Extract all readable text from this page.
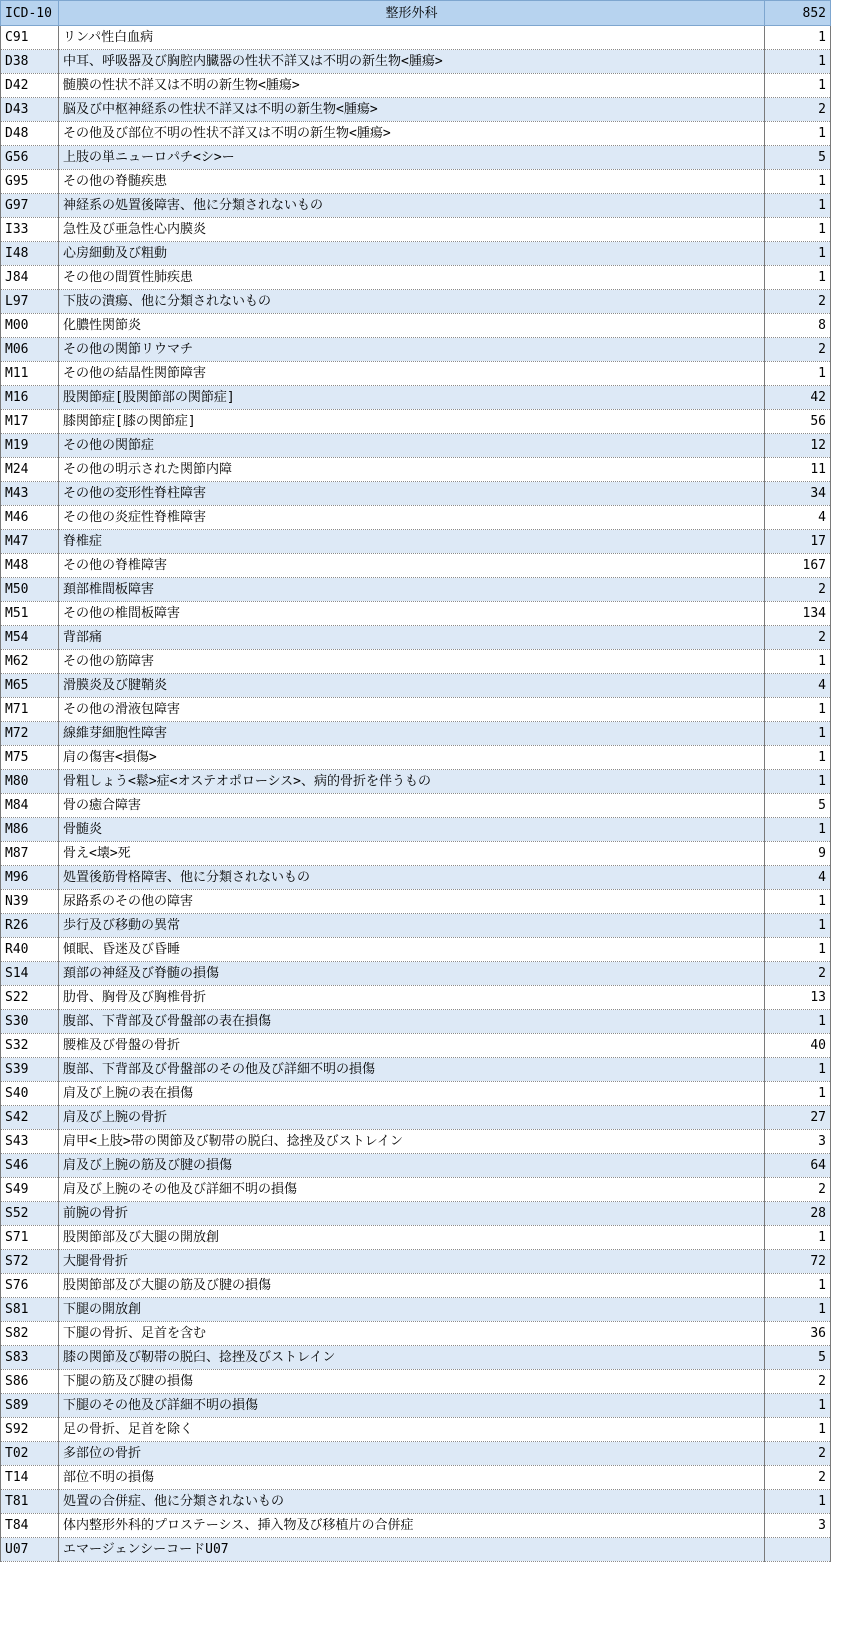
ICD-10	整形外科	852	
C91	リンパ性白血病	1	
D38	中耳、呼吸器及び胸腔内臓器の性状不詳又は不明の新生物<腫瘍>	1	
D42	髄膜の性状不詳又は不明の新生物<腫瘍>	1	
D43	脳及び中枢神経系の性状不詳又は不明の新生物<腫瘍>	2	
D48	その他及び部位不明の性状不詳又は不明の新生物<腫瘍>	1	
G56	上肢の単ニューロパチ<シ>ー	5	
G95	その他の脊髄疾患	1	
G97	神経系の処置後障害、他に分類されないもの	1	
I33	急性及び亜急性心内膜炎	1	
I48	心房細動及び粗動	1	
J84	その他の間質性肺疾患	1	
L97	下肢の潰瘍、他に分類されないもの	2	
M00	化膿性関節炎	8	
M06	その他の関節リウマチ	2	
M11	その他の結晶性関節障害	1	
M16	股関節症[股関節部の関節症]	42	
M17	膝関節症[膝の関節症]	56	
M19	その他の関節症	12	
M24	その他の明示された関節内障	11	
M43	その他の変形性脊柱障害	34	
M46	その他の炎症性脊椎障害	4	
M47	脊椎症	17	
M48	その他の脊椎障害	167	
M50	頚部椎間板障害	2	
M51	その他の椎間板障害	134	
M54	背部痛	2	
M62	その他の筋障害	1	
M65	滑膜炎及び腱鞘炎	4	
M71	その他の滑液包障害	1	
M72	線維芽細胞性障害	1	
M75	肩の傷害<損傷>	1	
M80	骨粗しょう<鬆>症<オステオポローシス>、病的骨折を伴うもの	1	
M84	骨の癒合障害	5	
M86	骨髄炎	1	
M87	骨え<壊>死	9	
M96	処置後筋骨格障害、他に分類されないもの	4	
N39	尿路系のその他の障害	1	
R26	歩行及び移動の異常	1	
R40	傾眠、昏迷及び昏睡	1	
S14	頚部の神経及び脊髄の損傷	2	
S22	肋骨、胸骨及び胸椎骨折	13	
S30	腹部、下背部及び骨盤部の表在損傷	1	
S32	腰椎及び骨盤の骨折	40	
S39	腹部、下背部及び骨盤部のその他及び詳細不明の損傷	1	
S40	肩及び上腕の表在損傷	1	
S42	肩及び上腕の骨折	27	
S43	肩甲<上肢>帯の関節及び靭帯の脱臼、捻挫及びストレイン	3	
S46	肩及び上腕の筋及び腱の損傷	64	
S49	肩及び上腕のその他及び詳細不明の損傷	2	
S52	前腕の骨折	28	
S71	股関節部及び大腿の開放創	1	
S72	大腿骨骨折	72	
S76	股関節部及び大腿の筋及び腱の損傷	1	
S81	下腿の開放創	1	
S82	下腿の骨折、足首を含む	36	
S83	膝の関節及び靭帯の脱臼、捻挫及びストレイン	5	
S86	下腿の筋及び腱の損傷	2	
S89	下腿のその他及び詳細不明の損傷	1	
S92	足の骨折、足首を除く	1	
T02	多部位の骨折	2	
T14	部位不明の損傷	2	
T81	処置の合併症、他に分類されないもの	1	
T84	体内整形外科的プロステーシス、挿入物及び移植片の合併症	3	
U07	エマージェンシーコードU07		
